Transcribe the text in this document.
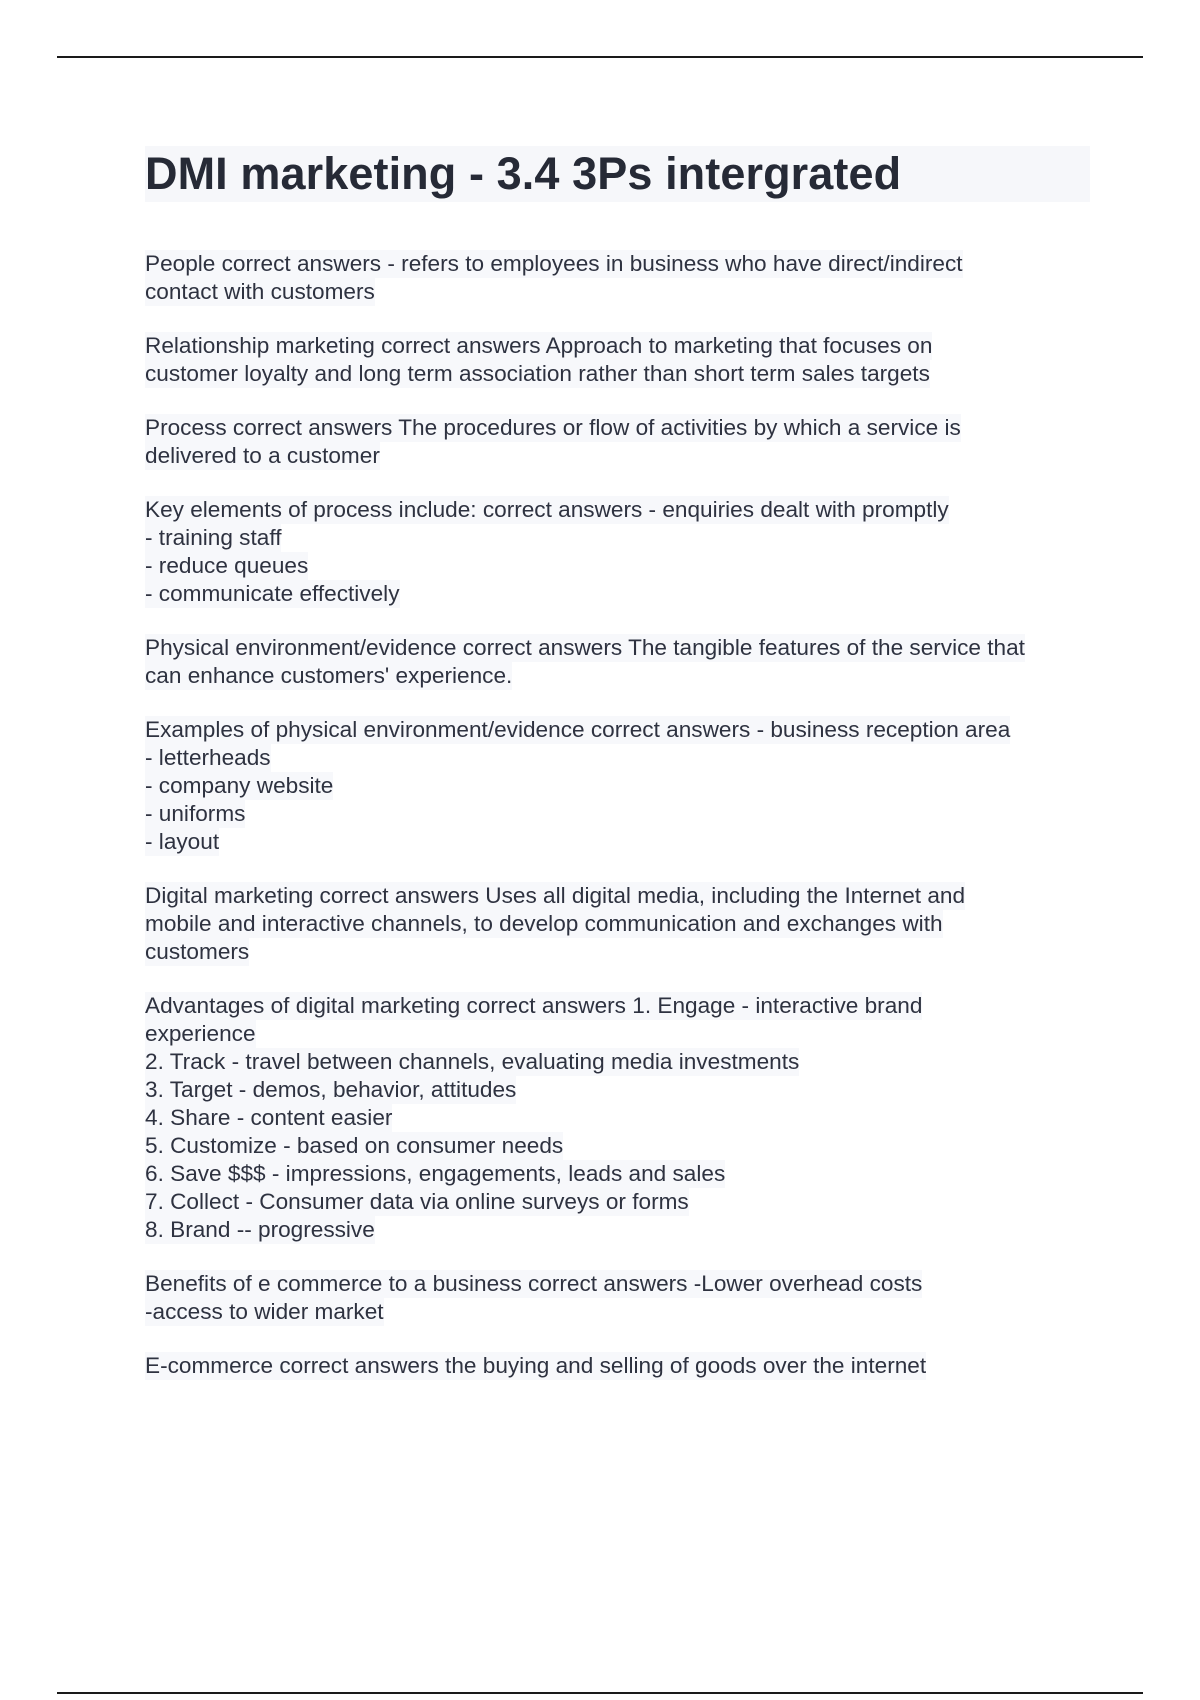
DMI marketing - 3.4 3Ps intergrated

People correct answers - refers to employees in business who have direct/indirect
contact with customers

Relationship marketing correct answers Approach to marketing that focuses on
customer loyalty and long term association rather than short term sales targets

Process correct answers The procedures or flow of activities by which a service is
delivered to a customer

Key elements of process include: correct answers - enquiries dealt with promptly
- training staff
- reduce queues
- communicate effectively

Physical environment/evidence correct answers The tangible features of the service that
can enhance customers' experience.

Examples of physical environment/evidence correct answers - business reception area
- letterheads
- company website
- uniforms
- layout

Digital marketing correct answers Uses all digital media, including the Internet and
mobile and interactive channels, to develop communication and exchanges with
customers

Advantages of digital marketing correct answers 1. Engage - interactive brand
experience
2. Track - travel between channels, evaluating media investments
3. Target - demos, behavior, attitudes
4. Share - content easier
5. Customize - based on consumer needs
6. Save $$$ - impressions, engagements, leads and sales
7. Collect - Consumer data via online surveys or forms
8. Brand -- progressive

Benefits of e commerce to a business correct answers -Lower overhead costs
-access to wider market

E-commerce correct answers the buying and selling of goods over the internet
